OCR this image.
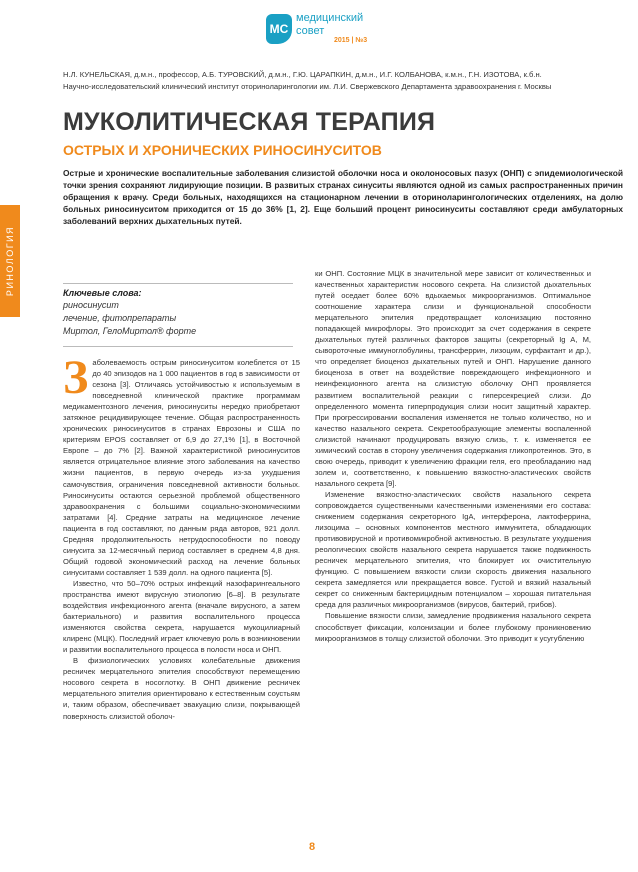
РИНОЛОГИЯ
МС
медицинский
совет
2015 | №3

Н.Л. КУНЕЛЬСКАЯ, д.м.н., профессор, А.Б. ТУРОВСКИЙ, д.м.н., Г.Ю. ЦАРАПКИН, д.м.н., И.Г. КОЛБАНОВА, к.м.н., Г.Н. ИЗОТОВА, к.б.н.

Научно-исследовательский клинический институт оториноларингологии им. Л.И. Свержевского Департамента здравоохранения г. Москвы

МУКОЛИТИЧЕСКАЯ ТЕРАПИЯ
ОСТРЫХ И ХРОНИЧЕСКИХ РИНОСИНУСИТОВ

Острые и хронические воспалительные заболевания слизистой оболочки носа и околоносовых пазух (ОНП) с эпидемиологической точки зрения сохраняют лидирующие позиции. В развитых странах синуситы являются одной из самых распространенных причин обращения к врачу. Среди больных, находящихся на стационарном лечении в оториноларингологических отделениях, на долю больных риносинуситом приходится от 15 до 36% [1, 2]. Еще больший процент риносинуситы составляют среди амбулаторных заболеваний верхних дыхательных путей.

Ключевые слова:

риносинусит

лечение, фитопрепараты

Миртол, ГелоМиртол® форте

Заболеваемость острым риносинуситом колеблется от 15 до 40 эпизодов на 1 000 пациентов в год в зависимости от сезона [3]. Отличаясь устойчивостью к используемым в повседневной клинической практике программам медикаментозного лечения, риносинуситы нередко приобретают затяжное рецидивирующее течение. Общая распространенность хронических риносинуситов в странах Еврозоны и США по критериям EPOS составляет от 6,9 до 27,1% [1], в Восточной Европе – до 7% [2]. Важной характеристикой риносинуситов является отрицательное влияние этого заболевания на качество жизни пациентов, в первую очередь из-за ухудшения самочувствия, ограничения повседневной активности больных. Риносинуситы остаются серьезной проблемой общественного здравоохранения с большими социально-экономическими затратами [4]. Средние затраты на медицинское лечение пациента в год составляют, по данным ряда авторов, 921 долл. Средняя продолжительность нетрудоспособности по поводу синусита за 12-месячный период составляет в среднем 4,8 дня. Общий годовой экономический расход на лечение больных синуситами составляет 1 539 долл. на одного пациента [5].

Известно, что 50–70% острых инфекций назофарингеального пространства имеют вирусную этиологию [6–8]. В результате воздействия инфекционного агента (вначале вирусного, а затем бактериального) и развития воспалительного процесса изменяются свойства секрета, нарушается мукоцилиарный клиренс (МЦК). Последний играет ключевую роль в возникновении и развитии воспалительного процесса в полости носа и ОНП.

В физиологических условиях колебательные движения ресничек мерцательного эпителия способствуют перемещению носового секрета в носоглотку. В ОНП движение ресничек мерцательного эпителия ориентировано к естественным соустьям и, таким образом, обеспечивает эвакуацию слизи, покрывающей поверхность слизистой оболоч-

ки ОНП. Состояние МЦК в значительной мере зависит от количественных и качественных характеристик носового секрета. На слизистой дыхательных путей оседает более 60% вдыхаемых микроорганизмов. Оптимальное соотношение характера слизи и функциональной способности мерцательного эпителия предотвращает колонизацию постоянно попадающей микрофлоры. Это происходит за счет содержания в секрете дыхательных путей различных факторов защиты (секреторный Ig A, M, сывороточные иммуноглобулины, трансферрин, лизоцим, сурфактант и др.), что определяет биоценоз дыхательных путей и ОНП. Нарушение данного биоценоза в ответ на воздействие повреждающего инфекционного и неинфекционного агента на слизистую оболочку ОНП проявляется развитием воспалительной реакции с гиперсекрецией слизи. До определенного момента гиперпродукция слизи носит защитный характер. При прогрессировании воспаления изменяется не только количество, но и качество назального секрета. Секретообразующие элементы воспаленной слизистой начинают продуцировать вязкую слизь, т. к. изменяется ее химический состав в сторону увеличения содержания гликопротеинов. Это, в свою очередь, приводит к увеличению фракции геля, его преобладанию над золем и, соответственно, к повышению вязкостно-эластических свойств назального секрета [9].

Изменение вязкостно-эластических свойств назального секрета сопровождается существенными качественными изменениями его состава: снижением содержания секреторного IgA, интерферона, лактоферрина, лизоцима – основных компонентов местного иммунитета, обладающих противовирусной и противомикробной активностью. В результате ухудшения реологических свойств назального секрета нарушается также подвижность ресничек мерцательного эпителия, что блокирует их очистительную функцию. С повышением вязкости слизи скорость движения назального секрета замедляется или прекращается вовсе. Густой и вязкий назальный секрет со сниженным бактерицидным потенциалом – хорошая питательная среда для различных микроорганизмов (вирусов, бактерий, грибов).

Повышение вязкости слизи, замедление продвижения назального секрета способствует фиксации, колонизации и более глубокому проникновению микроорганизмов в толщу слизистой оболочки. Это приводит к усугублению

8
